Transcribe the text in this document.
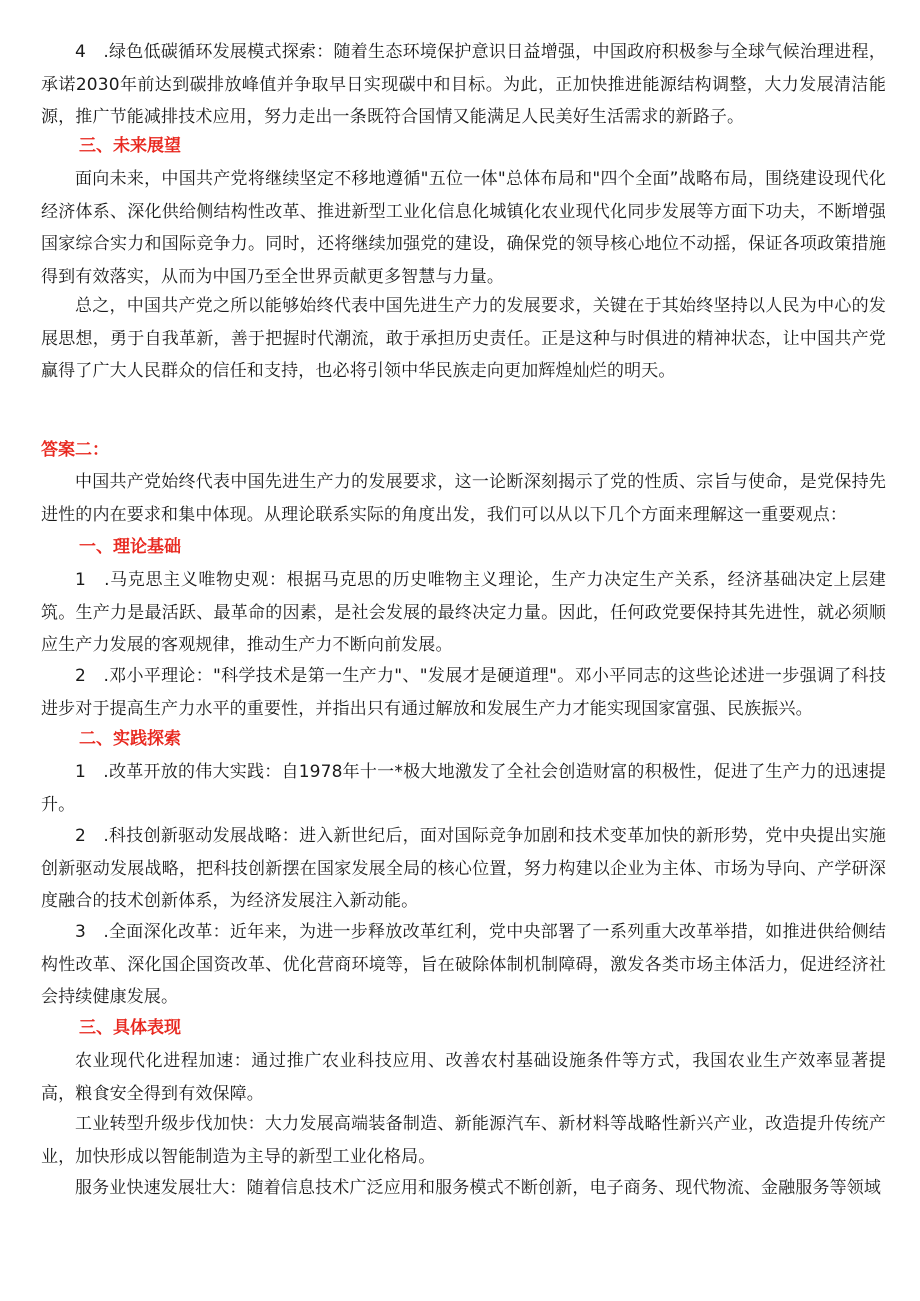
4　.绿色低碳循环发展模式探索：随着生态环境保护意识日益增强，中国政府积极参与全球气候治理进程，承诺2030年前达到碳排放峰值并争取早日实现碳中和目标。为此，正加快推进能源结构调整，大力发展清洁能源，推广节能减排技术应用，努力走出一条既符合国情又能满足人民美好生活需求的新路子。

三、未来展望

面向未来，中国共产党将继续坚定不移地遵循"五位一体"总体布局和"四个全面”战略布局，围绕建设现代化经济体系、深化供给侧结构性改革、推进新型工业化信息化城镇化农业现代化同步发展等方面下功夫，不断增强国家综合实力和国际竞争力。同时，还将继续加强党的建设，确保党的领导核心地位不动摇，保证各项政策措施得到有效落实，从而为中国乃至全世界贡献更多智慧与力量。

总之，中国共产党之所以能够始终代表中国先进生产力的发展要求，关键在于其始终坚持以人民为中心的发展思想，勇于自我革新，善于把握时代潮流，敢于承担历史责任。正是这种与时俱进的精神状态，让中国共产党赢得了广大人民群众的信任和支持，也必将引领中华民族走向更加辉煌灿烂的明天。

答案二：

中国共产党始终代表中国先进生产力的发展要求，这一论断深刻揭示了党的性质、宗旨与使命，是党保持先进性的内在要求和集中体现。从理论联系实际的角度出发，我们可以从以下几个方面来理解这一重要观点：

一、理论基础

1　.马克思主义唯物史观：根据马克思的历史唯物主义理论，生产力决定生产关系，经济基础决定上层建筑。生产力是最活跃、最革命的因素，是社会发展的最终决定力量。因此，任何政党要保持其先进性，就必须顺应生产力发展的客观规律，推动生产力不断向前发展。

2　.邓小平理论："科学技术是第一生产力"、"发展才是硬道理"。邓小平同志的这些论述进一步强调了科技进步对于提高生产力水平的重要性，并指出只有通过解放和发展生产力才能实现国家富强、民族振兴。

二、实践探索

1　.改革开放的伟大实践：自1978年十一*极大地激发了全社会创造财富的积极性，促进了生产力的迅速提升。

2　.科技创新驱动发展战略：进入新世纪后，面对国际竞争加剧和技术变革加快的新形势，党中央提出实施创新驱动发展战略，把科技创新摆在国家发展全局的核心位置，努力构建以企业为主体、市场为导向、产学研深度融合的技术创新体系，为经济发展注入新动能。

3　.全面深化改革：近年来，为进一步释放改革红利，党中央部署了一系列重大改革举措，如推进供给侧结构性改革、深化国企国资改革、优化营商环境等，旨在破除体制机制障碍，激发各类市场主体活力，促进经济社会持续健康发展。

三、具体表现

农业现代化进程加速：通过推广农业科技应用、改善农村基础设施条件等方式，我国农业生产效率显著提高，粮食安全得到有效保障。

工业转型升级步伐加快：大力发展高端装备制造、新能源汽车、新材料等战略性新兴产业，改造提升传统产业，加快形成以智能制造为主导的新型工业化格局。

服务业快速发展壮大：随着信息技术广泛应用和服务模式不断创新，电子商务、现代物流、金融服务等领域
